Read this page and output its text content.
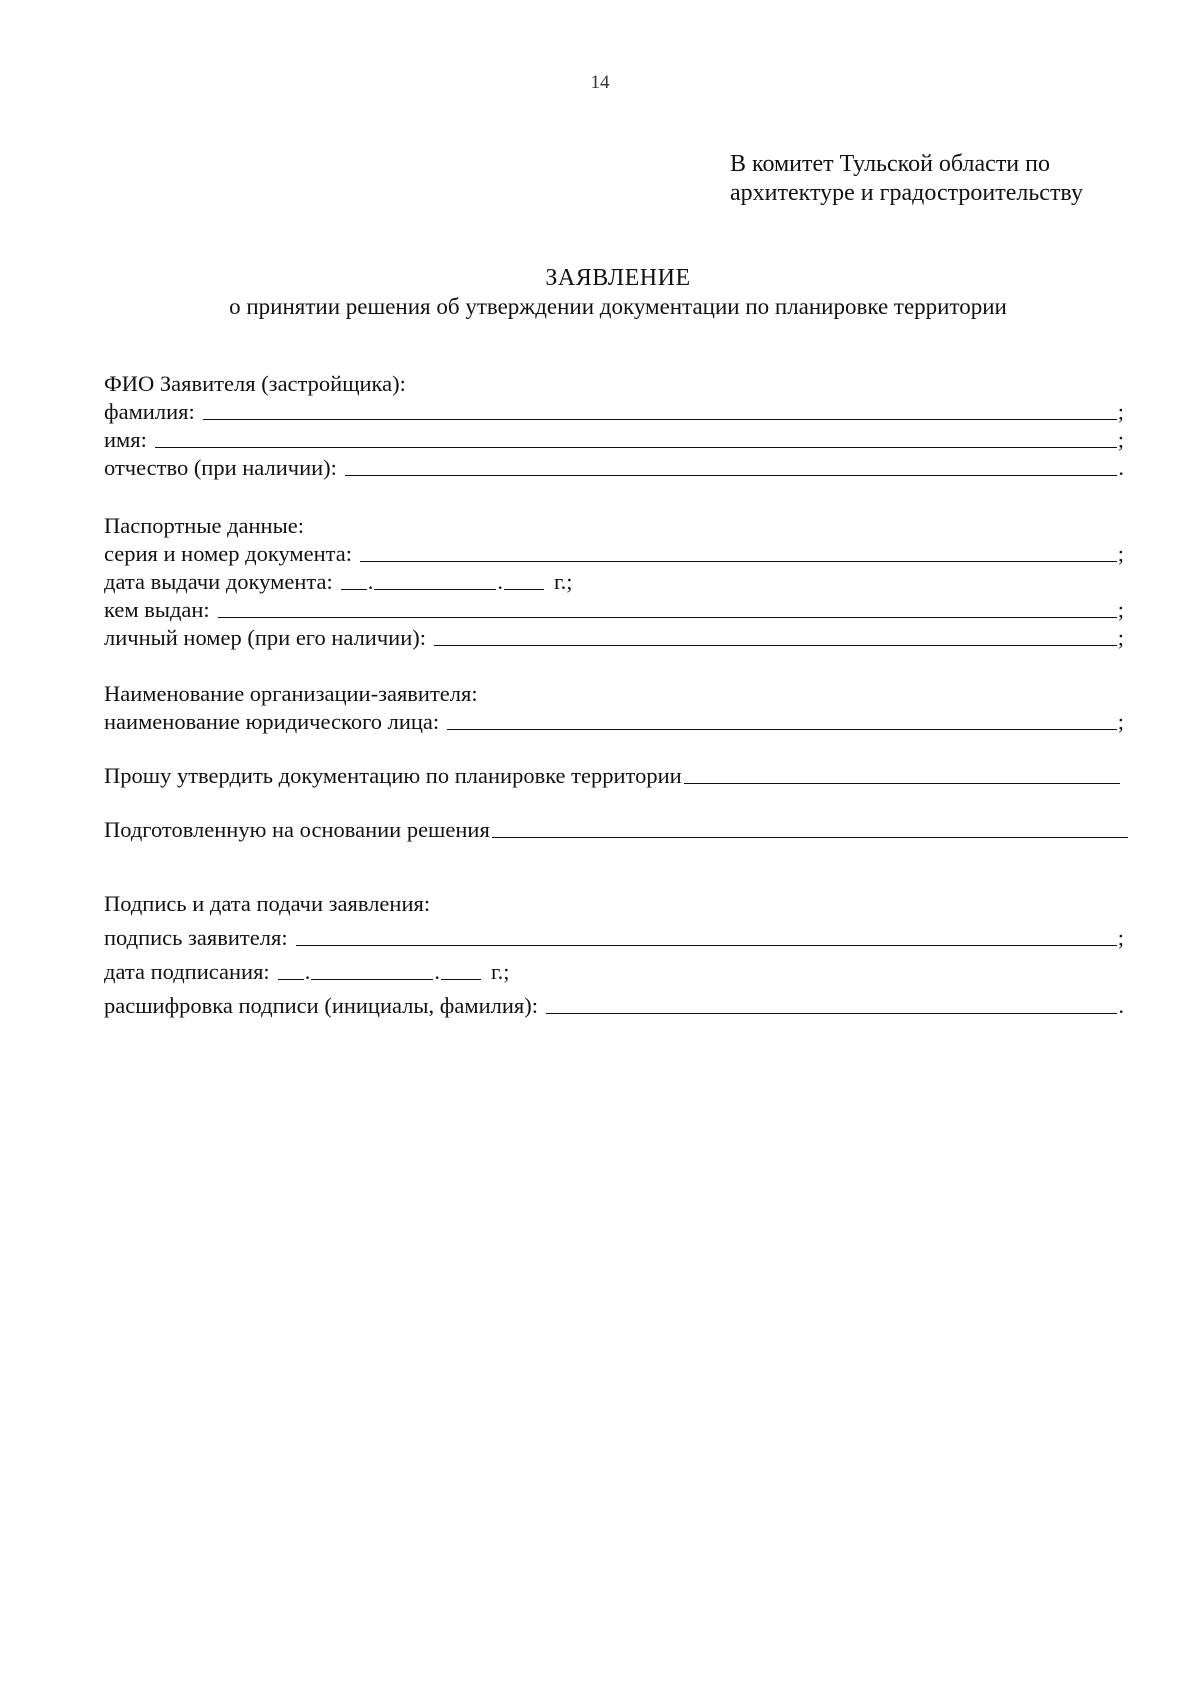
14
В комитет Тульской области по
архитектуре и градостроительству
ЗАЯВЛЕНИЕ
о принятии решения об утверждении документации по планировке территории
ФИО Заявителя (застройщика):
фамилия:	;
имя:	;
отчество (при наличии):	.
Паспортные данные:
серия и номер документа:	;
дата выдачи документа: .	. г.;
кем выдан:	;
личный номер (при его наличии):	;
Наименование организации-заявителя:
наименование юридического лица:	;
Прошу утвердить документацию по планировке территории
Подготовленную на основании решения
Подпись и дата подачи заявления:
подпись заявителя:	;
дата подписания: .	. г.;
расшифровка подписи (инициалы, фамилия):	.
